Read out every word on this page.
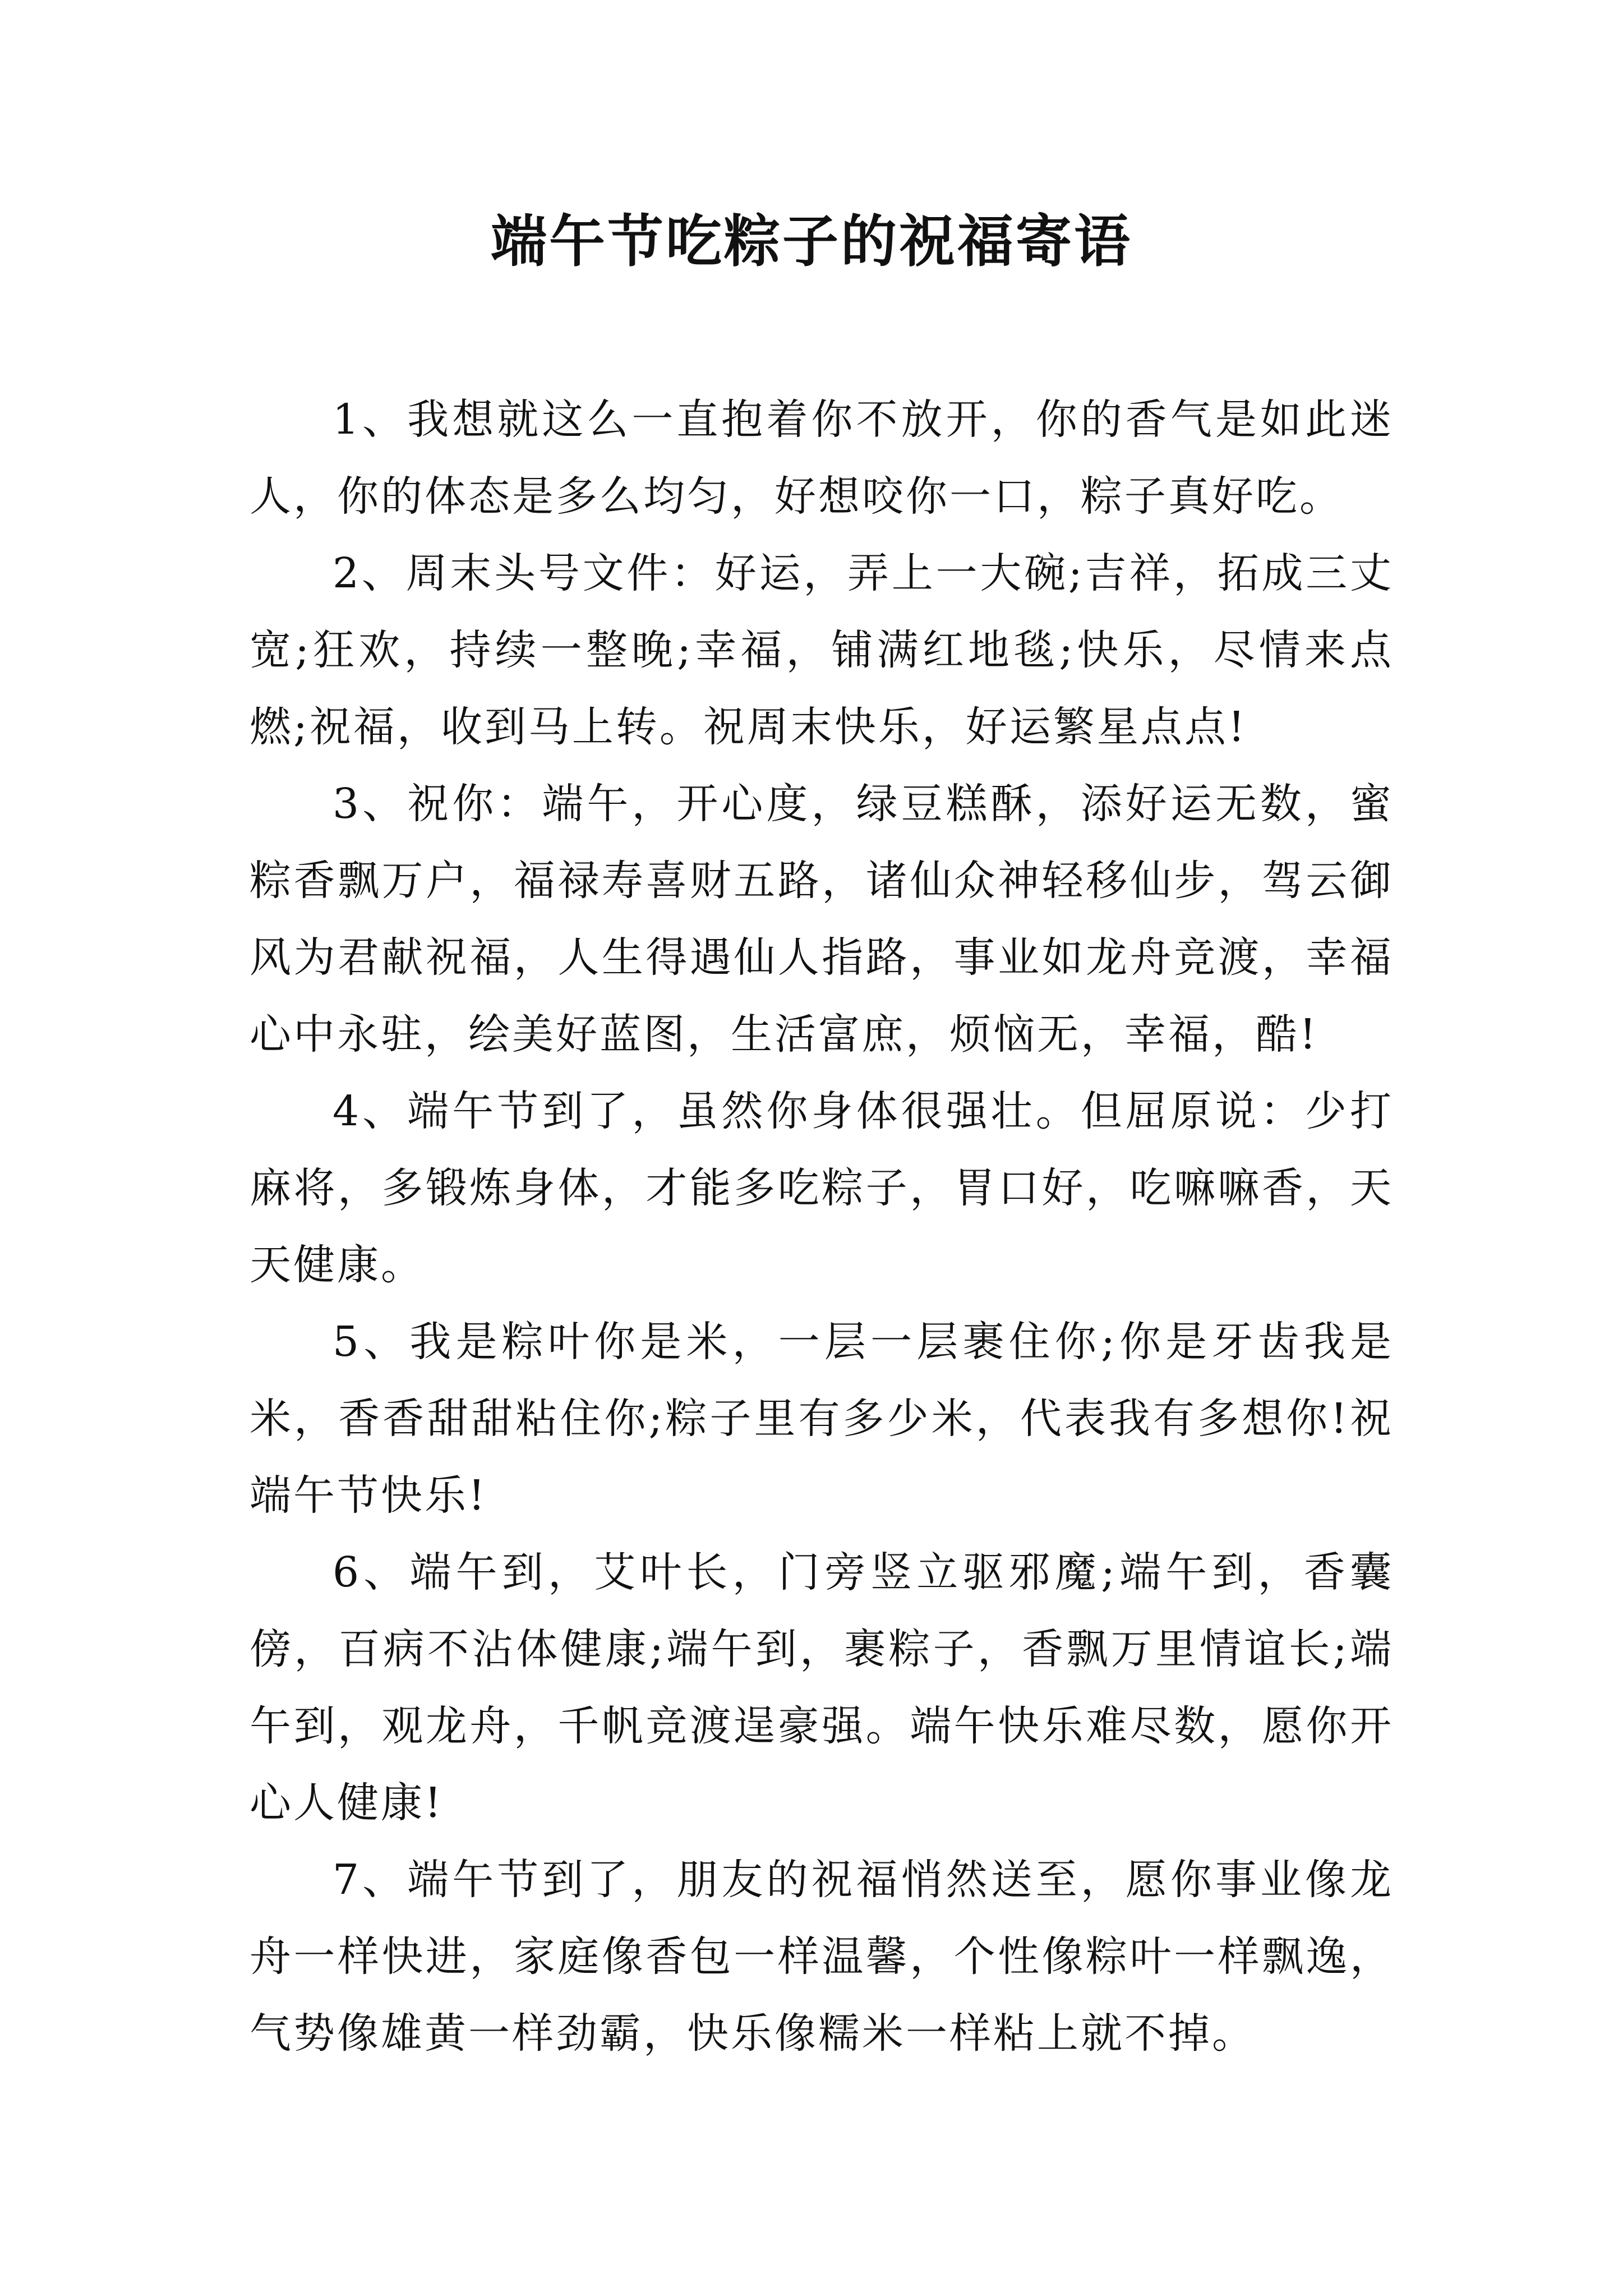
端午节吃粽子的祝福寄语

1、我想就这么一直抱着你不放开，你的香气是如此迷人，你的体态是多么均匀，好想咬你一口，粽子真好吃。

2、周末头号文件：好运，弄上一大碗;吉祥，拓成三丈宽;狂欢，持续一整晚;幸福，铺满红地毯;快乐，尽情来点燃;祝福，收到马上转。祝周末快乐，好运繁星点点!

3、祝你：端午，开心度，绿豆糕酥，添好运无数，蜜粽香飘万户，福禄寿喜财五路，诸仙众神轻移仙步，驾云御风为君献祝福，人生得遇仙人指路，事业如龙舟竞渡，幸福心中永驻，绘美好蓝图，生活富庶，烦恼无，幸福，酷!

4、端午节到了，虽然你身体很强壮。但屈原说：少打麻将，多锻炼身体，才能多吃粽子，胃口好，吃嘛嘛香，天天健康。

5、我是粽叶你是米，一层一层裹住你;你是牙齿我是米，香香甜甜粘住你;粽子里有多少米，代表我有多想你!祝端午节快乐!

6、端午到，艾叶长，门旁竖立驱邪魔;端午到，香囊傍，百病不沾体健康;端午到，裹粽子，香飘万里情谊长;端午到，观龙舟，千帆竞渡逞豪强。端午快乐难尽数，愿你开心人健康!

7、端午节到了，朋友的祝福悄然送至，愿你事业像龙舟一样快进，家庭像香包一样温馨，个性像粽叶一样飘逸，气势像雄黄一样劲霸，快乐像糯米一样粘上就不掉。
